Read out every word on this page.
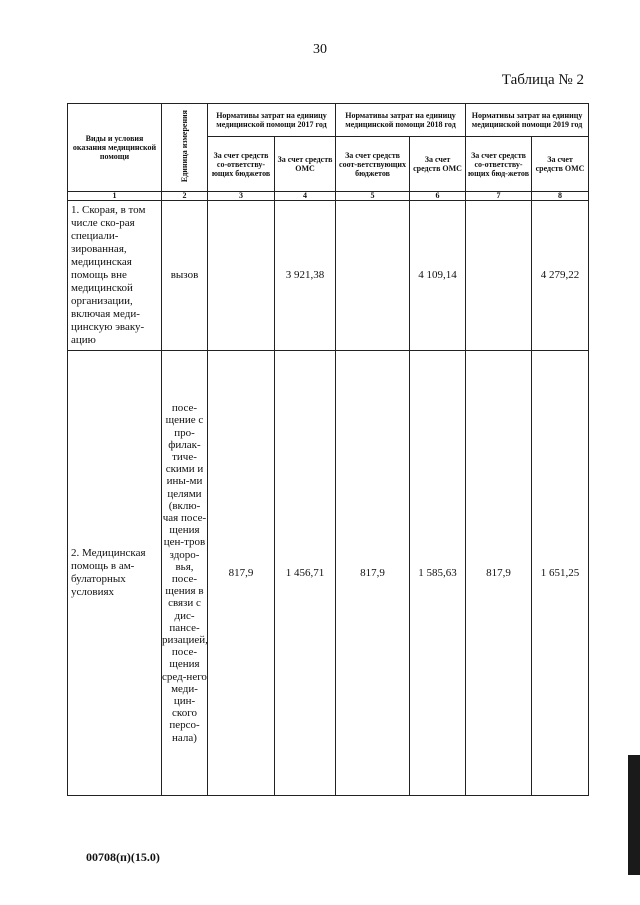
30
Таблица № 2
Виды и условия оказания медицинской помощи	Единица измерения	Нормативы затрат на единицу медицинской помощи 2017 год		Нормативы затрат на единицу медицинской помощи 2018 год		Нормативы затрат на единицу медицинской помощи 2019 год	
		За счет средств со-ответству-ющих бюджетов	За счет средств ОМС	За счет средств соот-ветствующих бюджетов	За счет средств ОМС	За счет средств со-ответству-ющих бюд-жетов	За счет средств ОМС
1	2	3	4	5	6	7	8
1. Скорая, в том числе ско-рая специали-зированная, медицинская помощь вне медицинской организации, включая меди-цинскую эваку-ацию	вызов		3 921,38		4 109,14		4 279,22
2. Медицинская помощь в ам-булаторных условиях	посе-щение с про-филак-тиче-скими и ины-ми целями (вклю-чая посе-щения цен-тров здоро-вья, посе-щения в связи с дис-пансе-ризацией, посе-щения сред-него меди-цин-ского персо-нала)	817,9	1 456,71	817,9	1 585,63	817,9	1 651,25
00708(п)(15.0)
